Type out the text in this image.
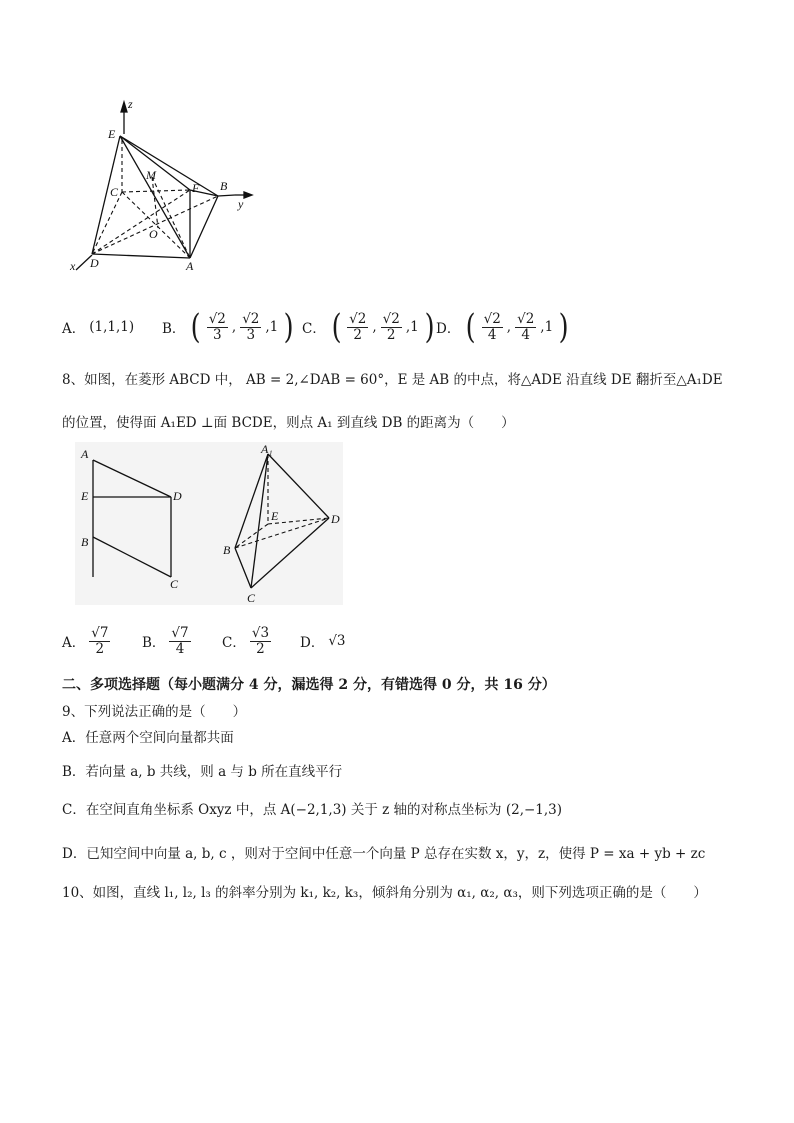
z
y
x
E
M
C	F B
O
D	A
A． (1,1,1) B． ( $\frac{√2}{3}$ , $\frac{√2}{3} ,1$ ) C． ( $\frac{√2}{2}$ , $\frac{√2}{2} ,1$ ) D． ( $\frac{√2}{4}$ , $\frac{√2}{4} ,1$ )
8、如图，在菱形 ABCD 中， AB = 2,∠DAB = 60°，E 是 AB 的中点，将△ADE 沿直线 DE 翻折至△A₁DE
的位置，使得面 A₁ED ⊥面 BCDE，则点 A₁ 到直线 DB 的距离为（　　）
A
E	D
B
C
A₁
E	D
B
C
A． $\frac{√7}{2}$ B． $\frac{√7}{4}$ C． $\frac{√3}{2}$ D． √3
二、多项选择题（每小题满分 4 分，漏选得 2 分，有错选得 0 分，共 16 分）
9、下列说法正确的是（　　）
A．任意两个空间向量都共面
B．若向量 a, b 共线，则 a 与 b 所在直线平行
C．在空间直角坐标系 Oxyz 中，点 A(−2,1,3) 关于 z 轴的对称点坐标为 (2,−1,3)
D．已知空间中向量 a, b, c ，则对于空间中任意一个向量 P 总存在实数 x，y，z，使得 P = xa + yb + zc
10、如图，直线 l₁, l₂, l₃ 的斜率分别为 k₁, k₂, k₃，倾斜角分别为 α₁, α₂, α₃，则下列选项正确的是（　　）
